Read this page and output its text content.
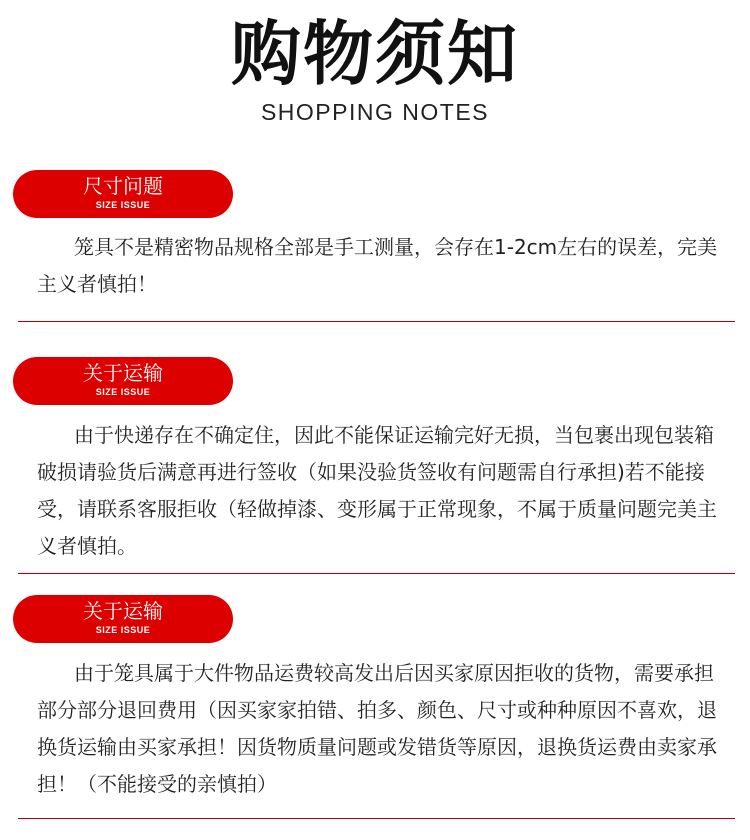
购物须知
SHOPPING NOTES
尺寸问题
SIZE ISSUE

笼具不是精密物品规格全部是手工测量，会存在1-2cm左右的误差，完美主义者慎拍！

关于运输
SIZE ISSUE

由于快递存在不确定住，因此不能保证运输完好无损，当包裹出现包装箱破损请验货后满意再进行签收（如果没验货签收有问题需自行承担)若不能接受，请联系客服拒收（轻做掉漆、变形属于正常现象，不属于质量问题完美主义者慎拍。

关于运输
SIZE ISSUE

由于笼具属于大件物品运费较高发出后因买家原因拒收的货物，需要承担部分部分退回费用（因买家家拍错、拍多、颜色、尺寸或种种原因不喜欢，退换货运输由买家承担！因货物质量问题或发错货等原因，退换货运费由卖家承担！（不能接受的亲慎拍）
